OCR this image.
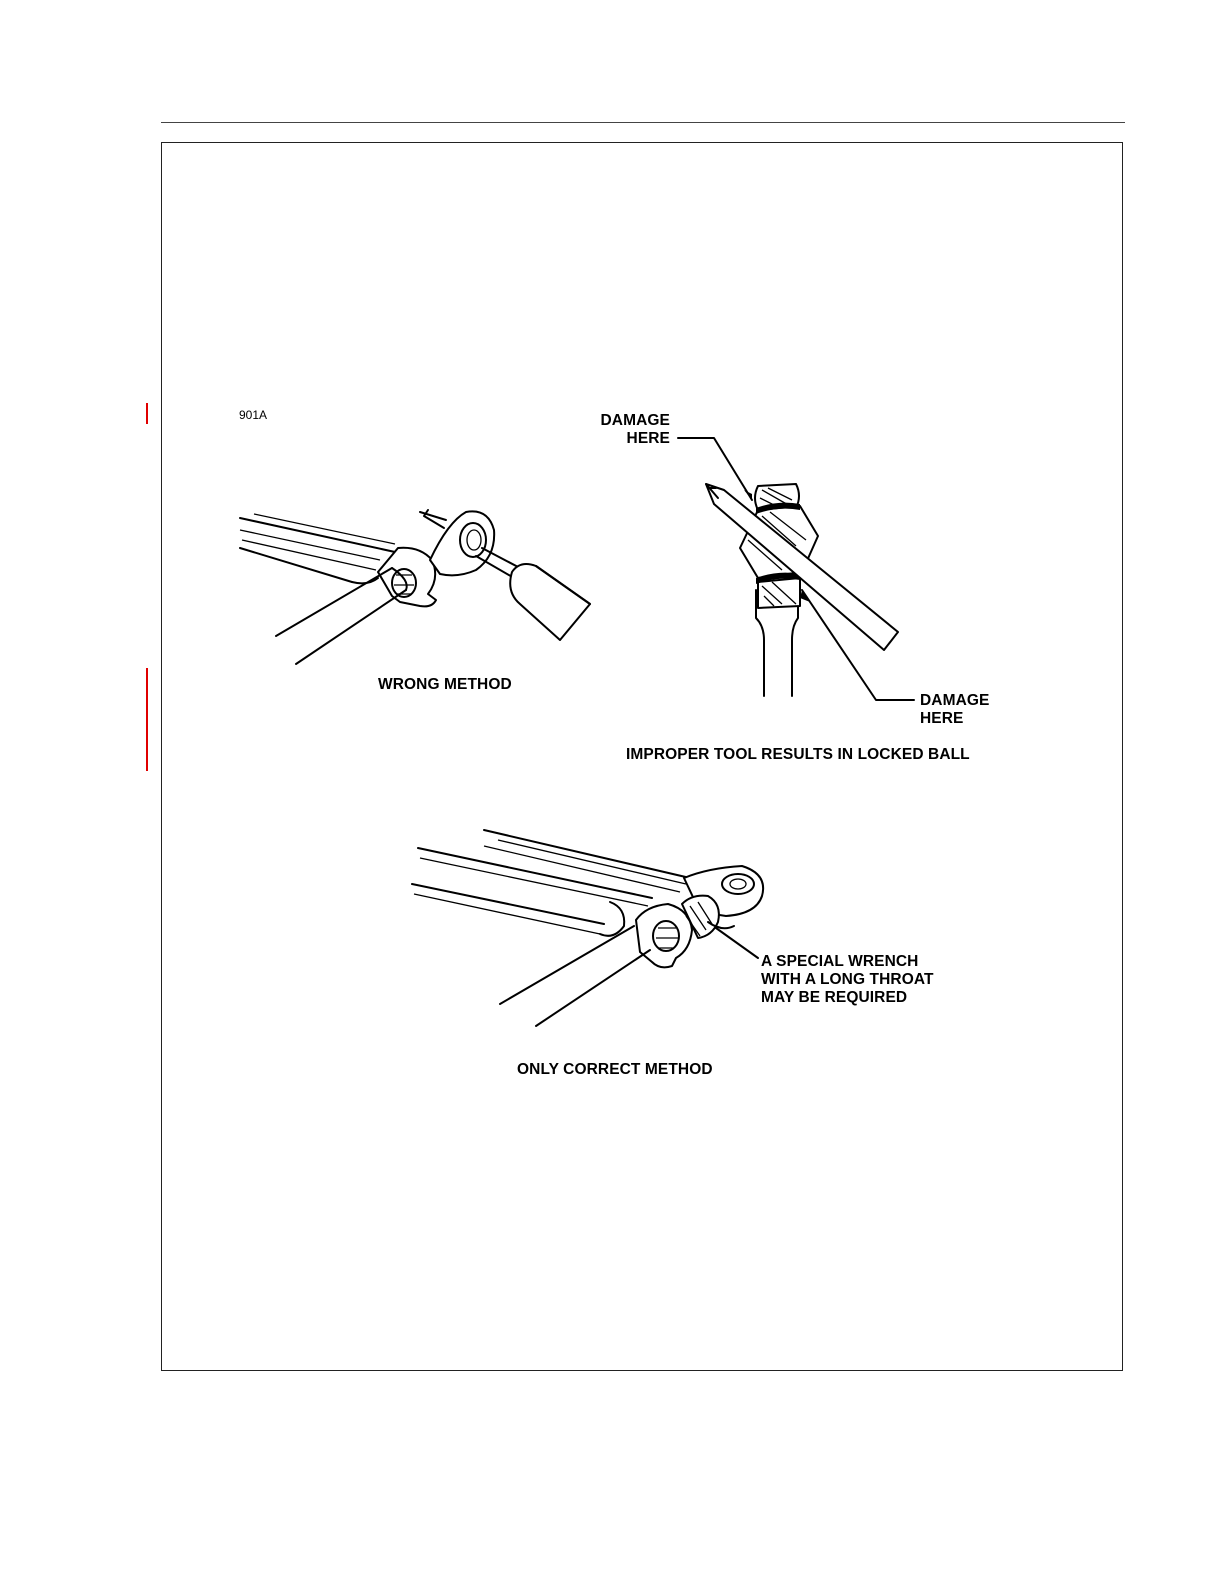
901A
WRONG METHOD
DAMAGE
HERE
DAMAGE
HERE
IMPROPER TOOL RESULTS IN LOCKED BALL
A SPECIAL WRENCH
WITH A LONG THROAT
MAY BE REQUIRED
ONLY CORRECT METHOD
